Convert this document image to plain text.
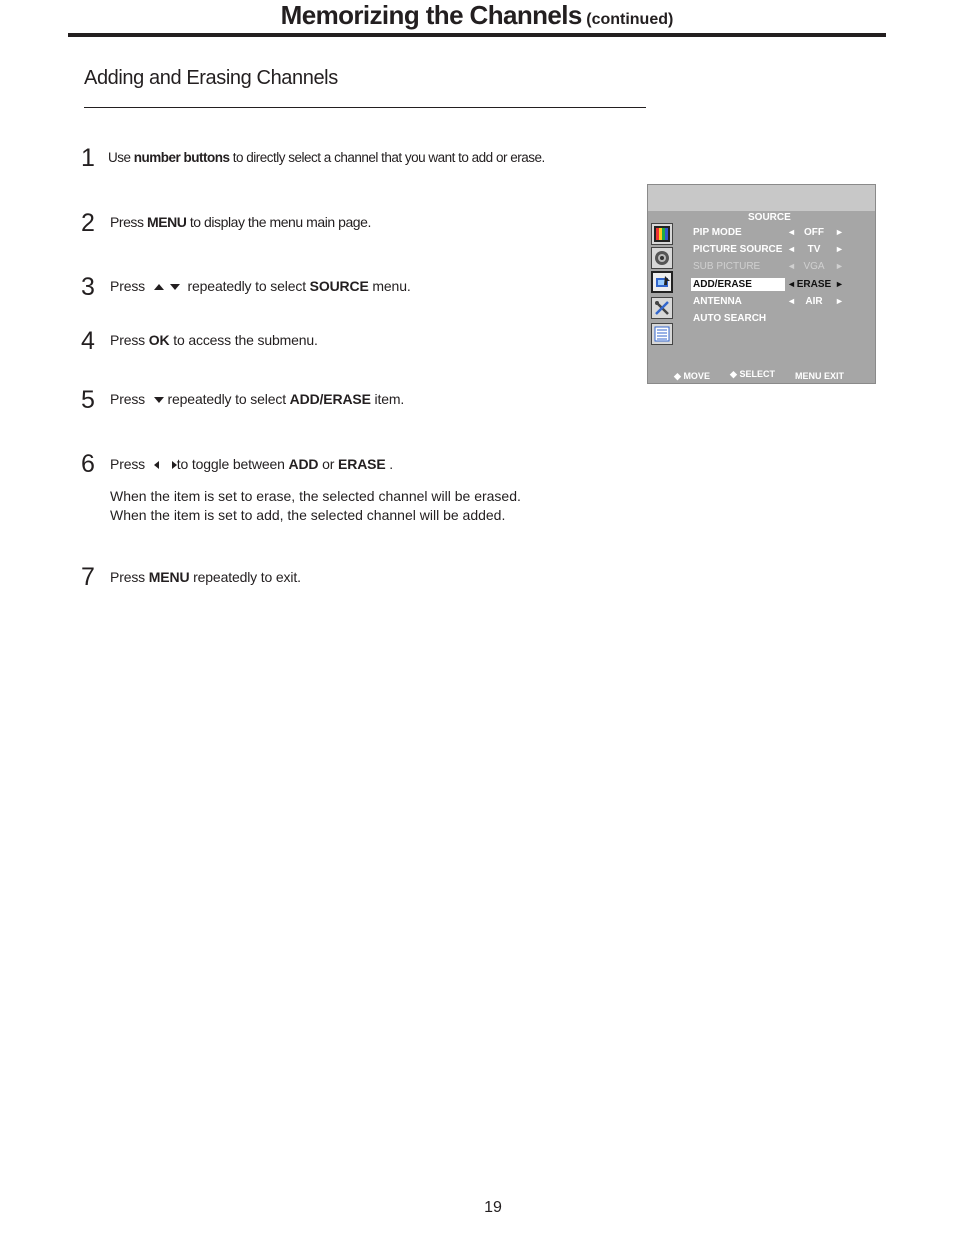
Memorizing the Channels (continued)
Adding and Erasing Channels
1 Use number buttons to directly select a channel that you want to add or erase.
2 Press MENU to display the menu main page.
3 Press	repeatedly to select SOURCE menu.
4 Press OK to access the submenu.
5 Press  repeatedly to select ADD/ERASE item.
6 Press to toggle between ADD or ERASE .
When the item is set to erase, the selected channel will be erased.
When the item is set to add, the selected channel will be added.
7 Press MENU repeatedly to exit.
SOURCE
PIP MODE	◄ OFF	►
PICTURE SOURCE ◄	TV	►
SUB PICTURE	◄ VGA	►
ADD/ERASE	◄ ERASE ►
ANTENNA	◄ AIR	►
AUTO SEARCH
◆ MOVE ◆ SELECT MENU EXIT
19
